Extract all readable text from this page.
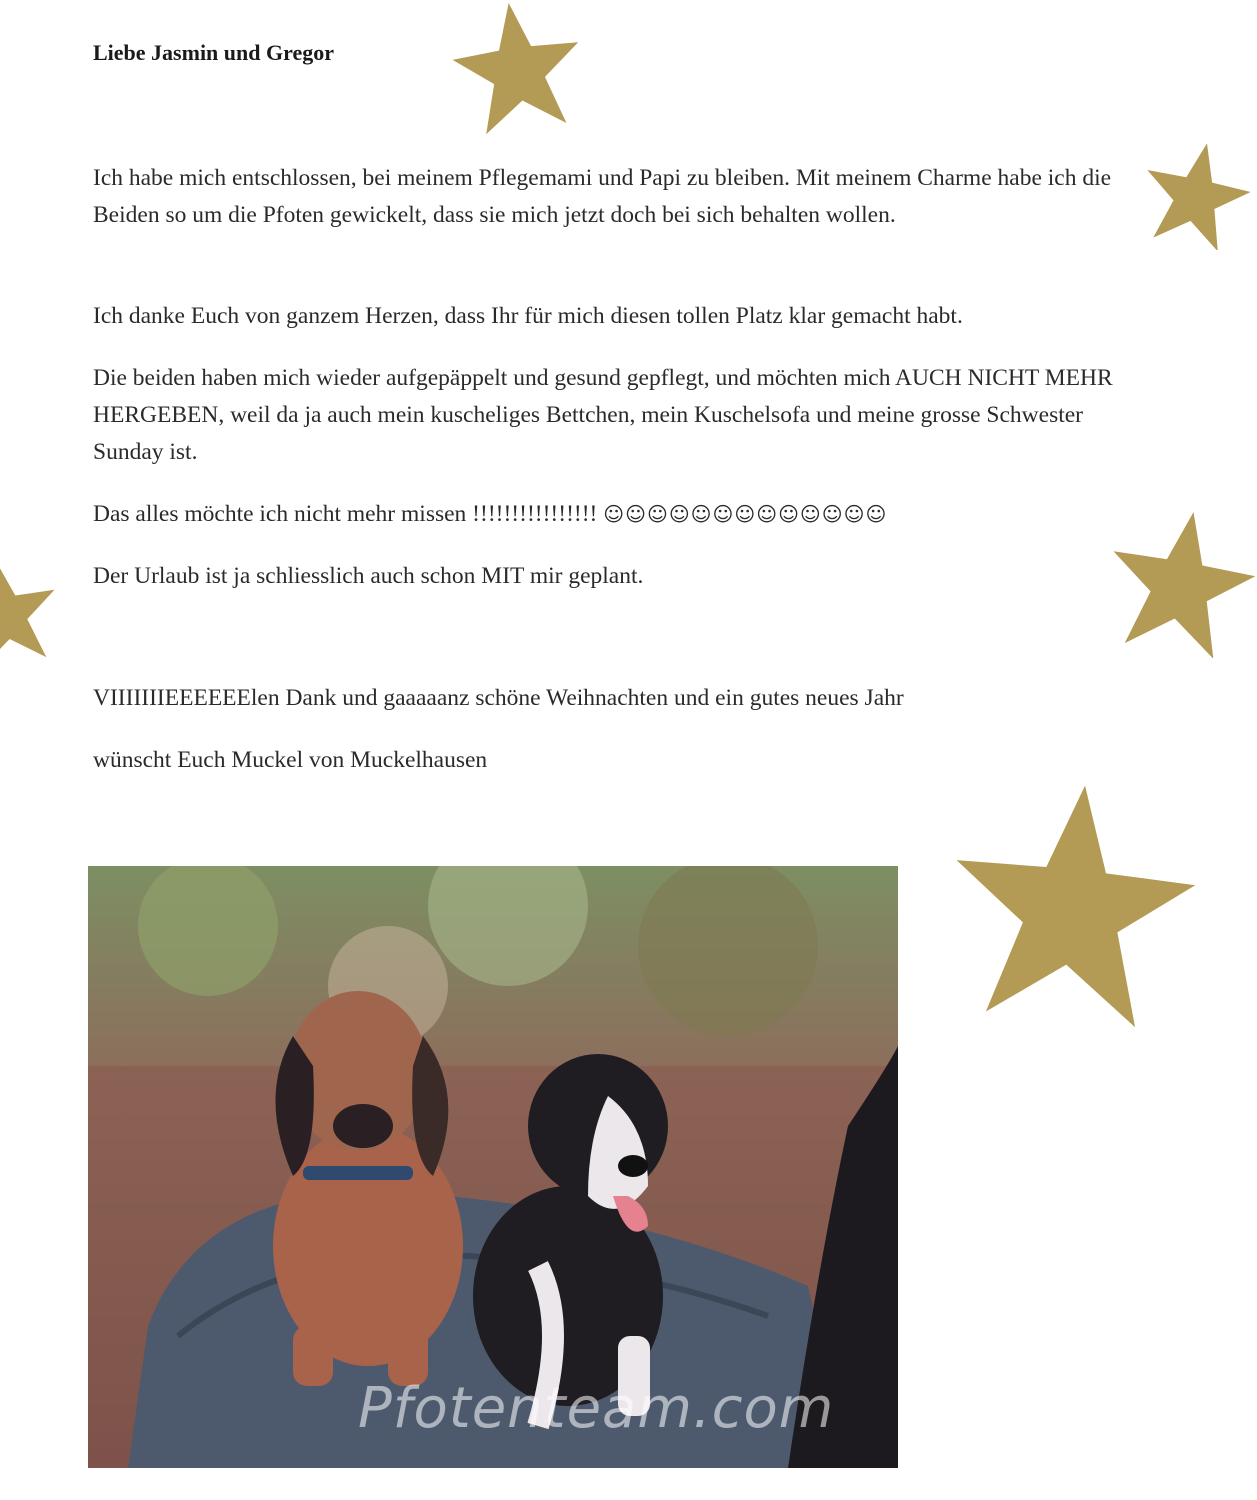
Liebe Jasmin und Gregor

Ich habe mich entschlossen, bei meinem Pflegemami und Papi zu bleiben. Mit meinem Charme habe ich die Beiden so um die Pfoten gewickelt, dass sie mich jetzt doch bei sich behalten wollen.

Ich danke Euch von ganzem Herzen, dass Ihr für mich diesen tollen Platz klar gemacht habt.

Die beiden haben mich wieder aufgepäppelt und gesund gepflegt, und möchten mich AUCH NICHT MEHR HERGEBEN, weil da ja auch mein kuscheliges Bettchen, mein Kuschelsofa und meine grosse Schwester Sunday ist.

Das alles möchte ich nicht mehr missen !!!!!!!!!!!!!!!! ☺☺☺☺☺☺☺☺☺☺☺☺☺

Der Urlaub ist ja schliesslich auch schon MIT mir geplant.

VIIIIIIIEEEEEElen Dank und gaaaaanz schöne Weihnachten und ein gutes neues Jahr

wünscht Euch Muckel von Muckelhausen

Pfotenteam.com
